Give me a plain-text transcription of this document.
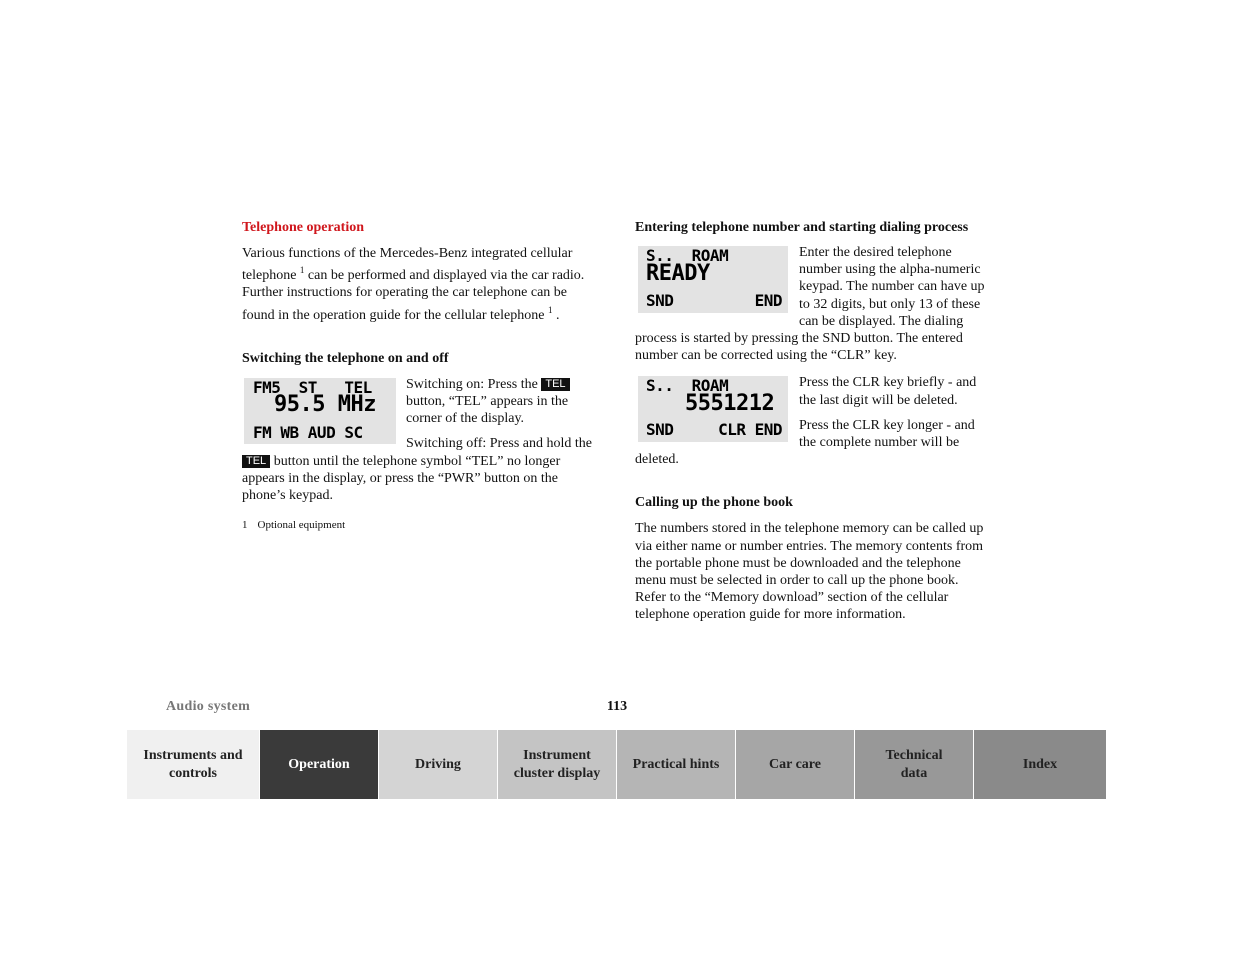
Telephone operation

Various functions of the Mercedes-Benz integrated cellular telephone $^1$ can be performed and displayed via the car radio. Further instructions for operating the car telephone can be found in the operation guide for the cellular telephone $^1$ .

Switching the telephone on and off

FM5  ST   TEL
95.5 MHz
FM WB AUD SC

Switching on: Press the TEL button, “TEL” appears in the corner of the display.

Switching off: Press and hold the TEL button until the telephone symbol “TEL” no longer appears in the display, or press the “PWR” button on the phone’s keypad.

1 Optional equipment

Entering telephone number and starting dialing process

S..  ROAM
READY
SND	END

Enter the desired telephone number using the alpha-numeric keypad. The number can have up to 32 digits, but only 13 of these can be displayed. The dialing process is started by pressing the SND button. The entered number can be corrected using the “CLR” key.

S..  ROAM
5551212
SND	CLR END

Press the CLR key briefly - and the last digit will be deleted.

Press the CLR key longer - and the complete number will be deleted.

Calling up the phone book

The numbers stored in the telephone memory can be called up via either name or number entries. The memory contents from the portable phone must be downloaded and the telephone menu must be selected in order to call up the phone book. Refer to the “Memory download” section of the cellular telephone operation guide for more information.

Audio system	113
Instruments and controls
Operation	Driving
Instrument cluster display
Practical hints	Car care
Technical data
Index
